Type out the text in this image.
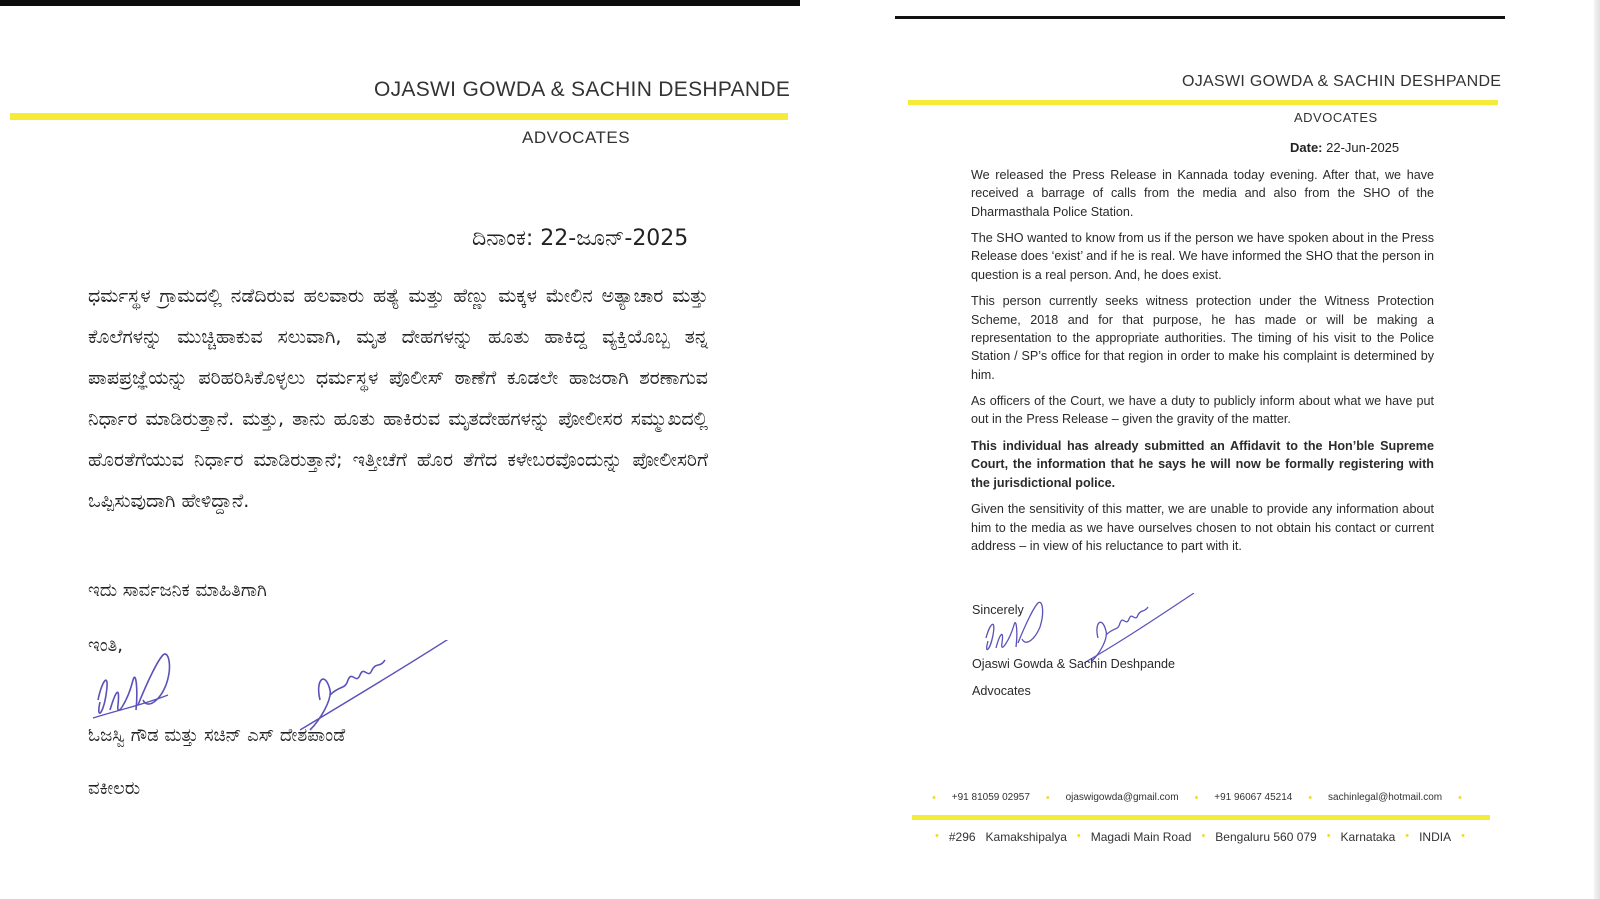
OJASWI GOWDA & SACHIN DESHPANDE
ADVOCATES
ದಿನಾಂಕ: 22-ಜೂನ್-2025
ಧರ್ಮಸ್ಥಳ ಗ್ರಾಮದಲ್ಲಿ ನಡೆದಿರುವ ಹಲವಾರು ಹತ್ಯೆ ಮತ್ತು ಹೆಣ್ಣು ಮಕ್ಕಳ ಮೇಲಿನ ಅತ್ಯಾಚಾರ ಮತ್ತು ಕೊಲೆಗಳನ್ನು ಮುಚ್ಚಿಹಾಕುವ ಸಲುವಾಗಿ, ಮೃತ ದೇಹಗಳನ್ನು ಹೂತು ಹಾಕಿದ್ದ ವ್ಯಕ್ತಿಯೊಬ್ಬ ತನ್ನ ಪಾಪಪ್ರಜ್ಞೆಯನ್ನು ಪರಿಹರಿಸಿಕೊಳ್ಳಲು ಧರ್ಮಸ್ಥಳ ಪೊಲೀಸ್ ಠಾಣೆಗೆ ಕೂಡಲೇ ಹಾಜರಾಗಿ ಶರಣಾಗುವ ನಿರ್ಧಾರ ಮಾಡಿರುತ್ತಾನೆ. ಮತ್ತು, ತಾನು ಹೂತು ಹಾಕಿರುವ ಮೃತದೇಹಗಳನ್ನು ಪೋಲೀಸರ ಸಮ್ಮುಖದಲ್ಲಿ ಹೊರತೆಗೆಯುವ ನಿರ್ಧಾರ ಮಾಡಿರುತ್ತಾನೆ; ಇತ್ತೀಚೆಗೆ ಹೊರ ತೆಗೆದ ಕಳೇಬರವೊಂದುನ್ನು ಪೋಲೀಸರಿಗೆ ಒಪ್ಪಿಸುವುದಾಗಿ ಹೇಳಿದ್ದಾನೆ.
ಇದು ಸಾರ್ವಜನಿಕ ಮಾಹಿತಿಗಾಗಿ
ಇಂತಿ,
ಓಜಸ್ವಿ ಗೌಡ ಮತ್ತು ಸಚಿನ್ ಎಸ್ ದೇಶಪಾಂಡೆ
ವಕೀಲರು
OJASWI GOWDA & SACHIN DESHPANDE
ADVOCATES
Date: 22-Jun-2025

We released the Press Release in Kannada today evening. After that, we have received a barrage of calls from the media and also from the SHO of the Dharmasthala Police Station.

The SHO wanted to know from us if the person we have spoken about in the Press Release does ‘exist’ and if he is real. We have informed the SHO that the person in question is a real person. And, he does exist.

This person currently seeks witness protection under the Witness Protection Scheme, 2018 and for that purpose, he has made or will be making a representation to the appropriate authorities. The timing of his visit to the Police Station / SP’s office for that region in order to make his complaint is determined by him.

As officers of the Court, we have a duty to publicly inform about what we have put out in the Press Release – given the gravity of the matter.

This individual has already submitted an Affidavit to the Hon’ble Supreme Court, the information that he says he will now be formally registering with the jurisdictional police.

Given the sensitivity of this matter, we are unable to provide any information about him to the media as we have ourselves chosen to not obtain his contact or current address – in view of his reluctance to part with it.

Sincerely
Ojaswi Gowda & Sachin Deshpande
Advocates
• +91 81059 02957 • ojaswigowda@gmail.com • +91 96067 45214 • sachinlegal@hotmail.com •
• #296 Kamakshipalya • Magadi Main Road • Bengaluru 560 079 • Karnataka • INDIA •
